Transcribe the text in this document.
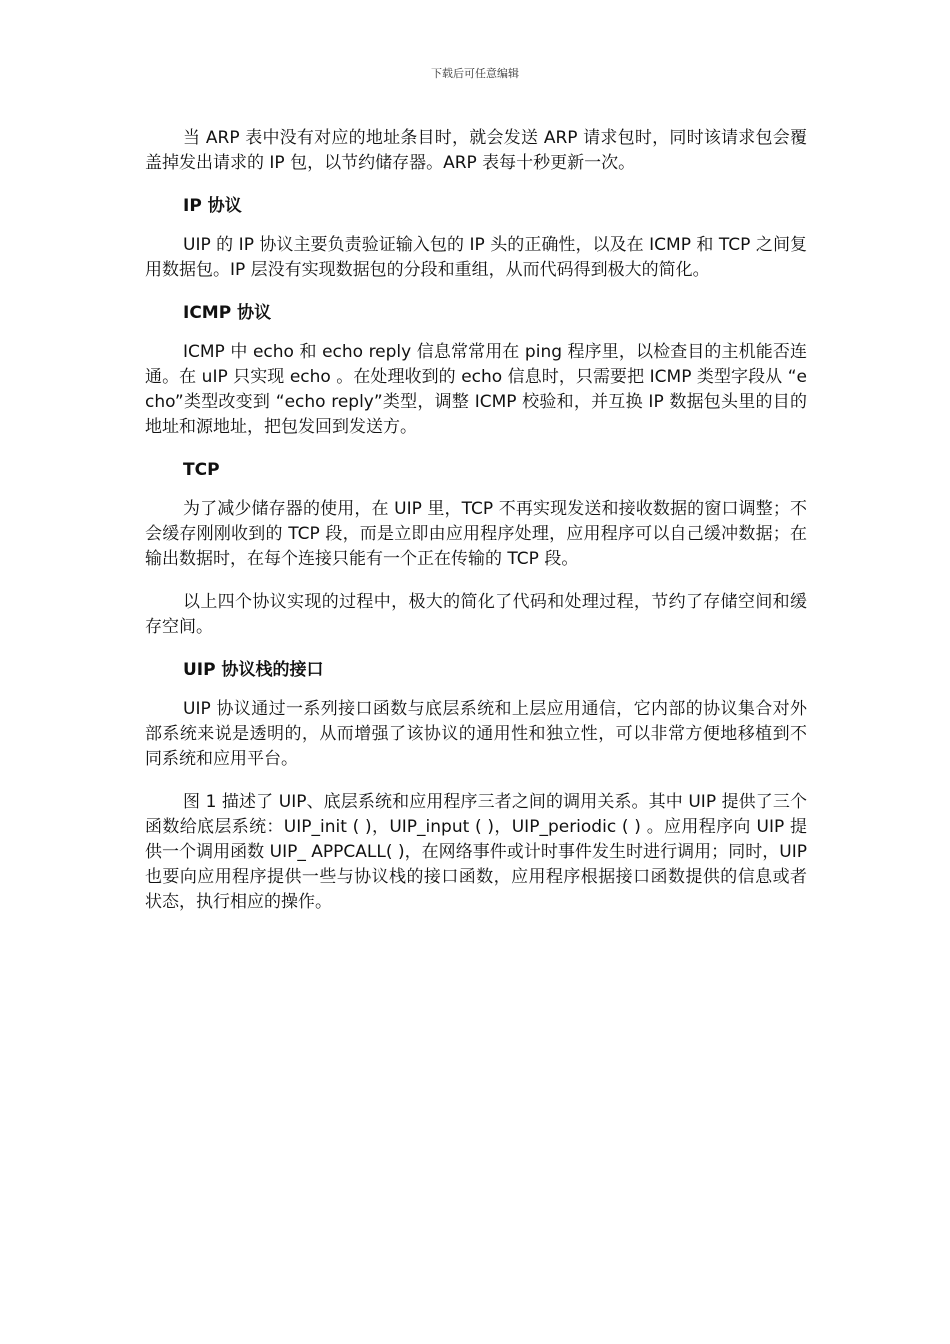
下载后可任意编辑

当 ARP 表中没有对应的地址条目时，就会发送 ARP 请求包时，同时该请求包会覆盖掉发出请求的 IP 包，以节约储存器。ARP 表每十秒更新一次。

IP 协议

UIP 的 IP 协议主要负责验证输入包的 IP 头的正确性，以及在 ICMP 和 TCP 之间复用数据包。IP 层没有实现数据包的分段和重组，从而代码得到极大的简化。

ICMP 协议

ICMP 中 echo 和 echo reply 信息常常用在 ping 程序里，以检查目的主机能否连通。在 uIP 只实现 echo 。在处理收到的 echo 信息时，只需要把 ICMP 类型字段从 “echo”类型改变到 “echo reply”类型，调整 ICMP 校验和，并互换 IP 数据包头里的目的地址和源地址，把包发回到发送方。

TCP

为了减少储存器的使用，在 UIP 里，TCP 不再实现发送和接收数据的窗口调整；不会缓存刚刚收到的 TCP 段，而是立即由应用程序处理，应用程序可以自己缓冲数据；在输出数据时，在每个连接只能有一个正在传输的 TCP 段。

以上四个协议实现的过程中，极大的简化了代码和处理过程，节约了存储空间和缓存空间。

UIP 协议栈的接口

UIP 协议通过一系列接口函数与底层系统和上层应用通信，它内部的协议集合对外部系统来说是透明的，从而增强了该协议的通用性和独立性，可以非常方便地移植到不同系统和应用平台。

图 1 描述了 UIP、底层系统和应用程序三者之间的调用关系。其中 UIP 提供了三个函数给底层系统：UIP_init ( )，UIP_input ( )，UIP_periodic ( ) 。应用程序向 UIP 提供一个调用函数 UIP_ APPCALL( )，在网络事件或计时事件发生时进行调用；同时，UIP 也要向应用程序提供一些与协议栈的接口函数，应用程序根据接口函数提供的信息或者状态，执行相应的操作。
